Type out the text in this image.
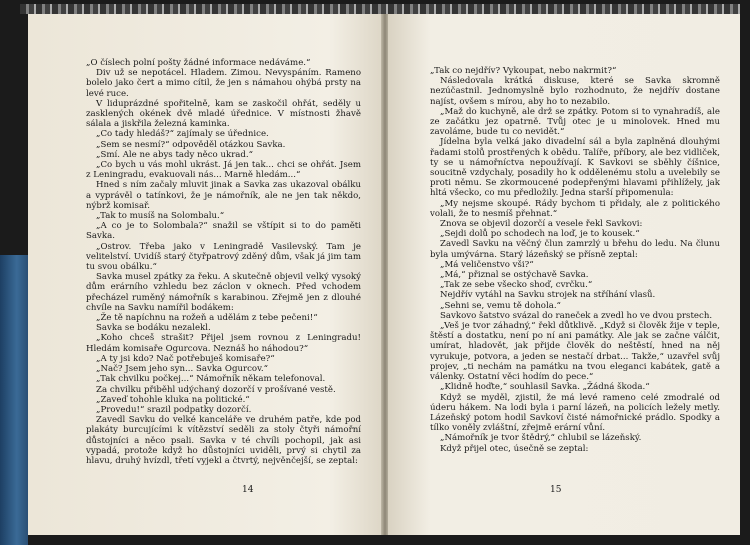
„O číslech polní pošty žádné informace nedáváme.“

Div už se nepotácel. Hladem. Zimou. Nevyspáním. Rameno bolelo jako čert a mimo cítil, že jen s námahou ohýbá prsty na levé ruce.

V liduprázdné spořitelně, kam se zaskočil ohřát, seděly u zasklených okének dvě mladé úřednice. V místnosti žhavě sálala a jiskřila železná kaminka.

„Co tady hledáš?“ zajímaly se úřednice.

„Sem se nesmí?“ odpověděl otázkou Savka.

„Smí. Ale ne abys tady něco ukrad.“

„Co bych u vás mohl ukrást. Já jen tak... chci se ohřát. Jsem z Leningradu, evakuovali nás... Marně hledám...“

Hned s ním začaly mluvit jinak a Savka zas ukazoval obálku a vyprávěl o tatínkovi, že je námořník, ale ne jen tak někdo, nýbrž komisař.

„Tak to musíš na Solombalu.“

„A co je to Solombala?“ snažil se vštípit si to do paměti Savka.

„Ostrov. Třeba jako v Leningradě Vasilevský. Tam je velitelství. Uvidíš starý čtyřpatrový zděný dům, však já jim tam tu svou obálku.“

Savka musel zpátky za řeku. A skutečně objevil velký vysoký dům erárního vzhledu bez záclon v oknech. Před vchodem přecházel ruměný námořník s karabinou. Zřejmě jen z dlouhé chvíle na Savku namířil bodákem:

„Že tě napíchnu na rožeň a udělám z tebe pečeni!“

Savka se bodáku nezalekl.

„Koho chceš strašit? Přijel jsem rovnou z Leningradu! Hledám komisaře Ogurcova. Neznáš ho náhodou?“

„A ty jsi kdo? Nač potřebuješ komisaře?“

„Nač? Jsem jeho syn... Savka Ogurcov.“

„Tak chvilku počkej...“ Námořník někam telefonoval.

Za chvilku přiběhl udýchaný dozorčí v prošívané vestě.

„Zaveď tohohle kluka na politické.“

„Provedu!“ srazil podpatky dozorčí.

Zavedl Savku do velké kanceláře ve druhém patře, kde pod plakáty burcujícími k vítězství seděli za stoly čtyři námořní důstojníci a něco psali. Savka v té chvíli pochopil, jak asi vypadá, protože když ho důstojníci uviděli, prvý si chytil za hlavu, druhý hvízdl, třetí vyjekl a čtvrtý, nejvěnčejší, se zeptal:

14

„Tak co nejdřív? Vykoupat, nebo nakrmit?“

Následovala krátká diskuse, které se Savka skromně nezúčastnil. Jednomyslně bylo rozhodnuto, že nejdřív dostane najíst, ovšem s mírou, aby ho to nezabilo.

„Maž do kuchyně, ale drž se zpátky. Potom si to vynahradíš, ale ze začátku jez opatrně. Tvůj otec je u minolovek. Hned mu zavoláme, bude tu co nevidět.“

Jídelna byla velká jako divadelní sál a byla zaplněná dlouhými řadami stolů prostřených k obědu. Talíře, příbory, ale bez vidliček, ty se u námořníctva nepoužívají. K Savkovi se sběhly číšnice, soucitně vzdychaly, posadily ho k oddělenému stolu a uvelebily se proti němu. Se zkormoucené podepřenými hlavami přihlížely, jak hltá všecko, co mu předložily. Jedna starší připomenula:

„My nejsme skoupé. Rády bychom ti přidaly, ale z politického volali, že to nesmíš přehnat.“

Znova se objevil dozorčí a vesele řekl Savkovi:

„Sejdi dolů po schodech na loď, je to kousek.“

Zavedl Savku na věčný člun zamrzlý u břehu do ledu. Na člunu byla umývárna. Starý lázeňský se přísně zeptal:

„Má veličenstvo vši?“

„Má,“ přiznal se ostýchavě Savka.

„Tak ze sebe všecko shoď, cvrčku.“

Nejdřív vytáhl na Savku strojek na stříhání vlasů.

„Sehni se, vemu tě dohola.“

Savkovo šatstvo svázal do raneček a zvedl ho ve dvou prstech.

„Veš je tvor záhadný,“ řekl důtklivě. „Když si člověk žije v teple, štěstí a dostatku, není po ní ani památky. Ale jak se začne válčit, umírat, hladovět, jak přijde člověk do neštěstí, hned na něj vyrukuje, potvora, a jeden se nestačí drbat... Takže,“ uzavřel svůj projev, „ti nechám na památku na tvou eleganci kabátek, gatě a válenky. Ostatní věci hodím do pece.“

„Klidně hoďte,“ souhlasil Savka. „Žádná škoda.“

Když se myděl, zjistil, že má levé rameno celé zmodralé od úderu hákem. Na lodi byla i parní lázeň, na policích ležely metly. Lázeňský potom hodil Savkoví čisté námořnické prádlo. Spodky a tílko voněly zvláštní, zřejmě erární vůní.

„Námořník je tvor štědrý,“ chlubil se lázeňský.

Když přijel otec, úsečně se zeptal:

15
